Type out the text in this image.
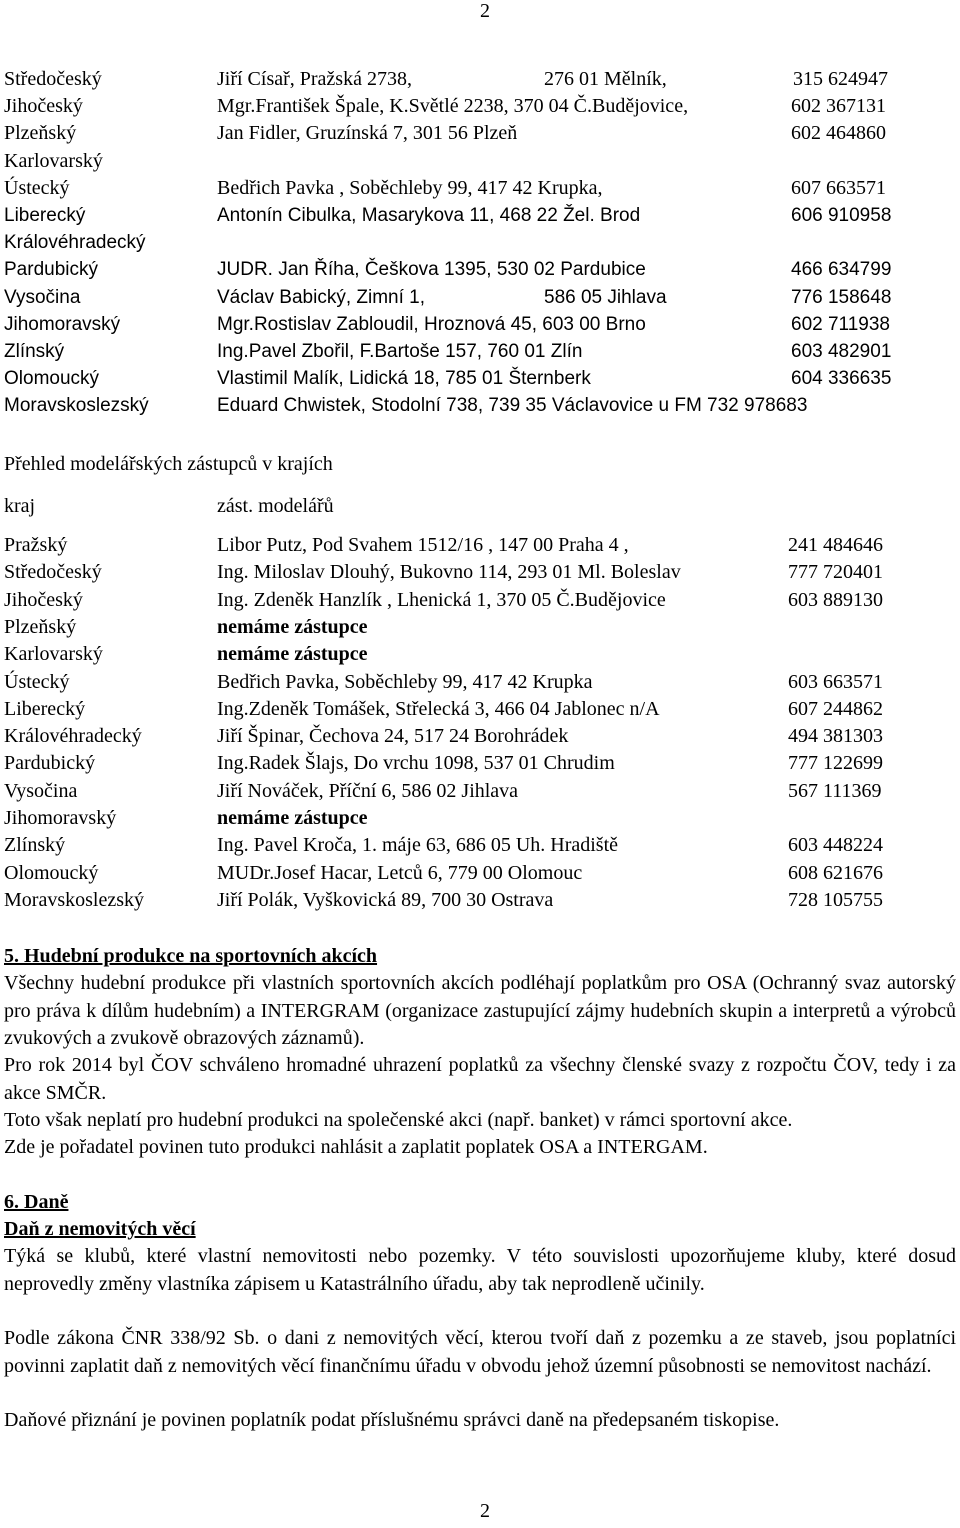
2
Středočeský	Jiří Císař, Pražská 2738,	276 01 Mělník,	315 624947
Jihočeský	Mgr.František Špale, K.Světlé 2238, 370 04 Č.Budějovice,	602 367131
Plzeňský	Jan Fidler, Gruzínská 7, 301 56 Plzeň	602 464860
Karlovarský
Ústecký	Bedřich Pavka , Soběchleby 99, 417 42 Krupka,	607 663571
Liberecký	Antonín Cibulka, Masarykova 11, 468 22 Žel. Brod	606 910958
Královéhradecký
Pardubický	JUDR. Jan Říha, Češkova 1395, 530 02 Pardubice	466 634799
Vysočina	Václav Babický, Zimní 1,	586 05 Jihlava	776 158648
Jihomoravský	Mgr.Rostislav Zabloudil, Hroznová 45, 603 00 Brno	602 711938
Zlínský	Ing.Pavel Zbořil, F.Bartoše 157, 760 01 Zlín	603 482901
Olomoucký	Vlastimil Malík, Lidická 18, 785 01 Šternberk	604 336635
Moravskoslezský	Eduard Chwistek, Stodolní 738, 739 35 Václavovice u FM 732 978683
Přehled modelářských zástupců v krajích
kraj	zást. modelářů
Pražský	Libor Putz, Pod Svahem 1512/16 , 147 00 Praha 4 ,	241 484646
Středočeský	Ing. Miloslav Dlouhý, Bukovno 114, 293 01 Ml. Boleslav	777 720401
Jihočeský	Ing. Zdeněk Hanzlík , Lhenická 1, 370 05 Č.Budějovice	603 889130
Plzeňský	nemáme zástupce
Karlovarský	nemáme zástupce
Ústecký	Bedřich Pavka, Soběchleby 99, 417 42 Krupka	603 663571
Liberecký	Ing.Zdeněk Tomášek, Střelecká 3, 466 04 Jablonec n/A	607 244862
Královéhradecký	Jiří Špinar, Čechova 24, 517 24 Borohrádek	494 381303
Pardubický	Ing.Radek Šlajs, Do vrchu 1098, 537 01 Chrudim	777 122699
Vysočina	Jiří Nováček, Příční 6, 586 02 Jihlava	567 111369
Jihomoravský	nemáme zástupce
Zlínský	Ing. Pavel Kroča, 1. máje 63, 686 05 Uh. Hradiště	603 448224
Olomoucký	MUDr.Josef Hacar, Letců 6, 779 00 Olomouc	608 621676
Moravskoslezský	Jiří Polák, Vyškovická 89, 700 30 Ostrava	728 105755
5. Hudební produkce na sportovních akcích
Všechny hudební produkce při vlastních sportovních akcích podléhají poplatkům pro OSA (Ochranný svaz autorský pro práva k dílům hudebním) a INTERGRAM (organizace zastupující zájmy hudebních skupin a interpretů a výrobců zvukových a zvukově obrazových záznamů).
Pro rok 2014 byl ČOV schváleno hromadné uhrazení poplatků za všechny členské svazy z rozpočtu ČOV, tedy i za akce SMČR.
Toto však neplatí pro hudební produkci na společenské akci (např. banket) v rámci sportovní akce.
Zde je pořadatel povinen tuto produkci nahlásit a zaplatit poplatek OSA a INTERGAM.
6. Daně
Daň z nemovitých věcí
Týká se klubů, které vlastní nemovitosti nebo pozemky. V této souvislosti upozorňujeme kluby, které dosud neprovedly změny vlastníka zápisem u Katastrálního úřadu, aby tak neprodleně učinily.
Podle zákona ČNR 338/92 Sb. o dani z nemovitých věcí, kterou tvoří daň z pozemku a ze staveb, jsou poplatníci povinni zaplatit daň z nemovitých věcí finančnímu úřadu v obvodu jehož územní působnosti se nemovitost nachází.
Daňové přiznání je povinen poplatník podat příslušnému správci daně na předepsaném tiskopise.
2
